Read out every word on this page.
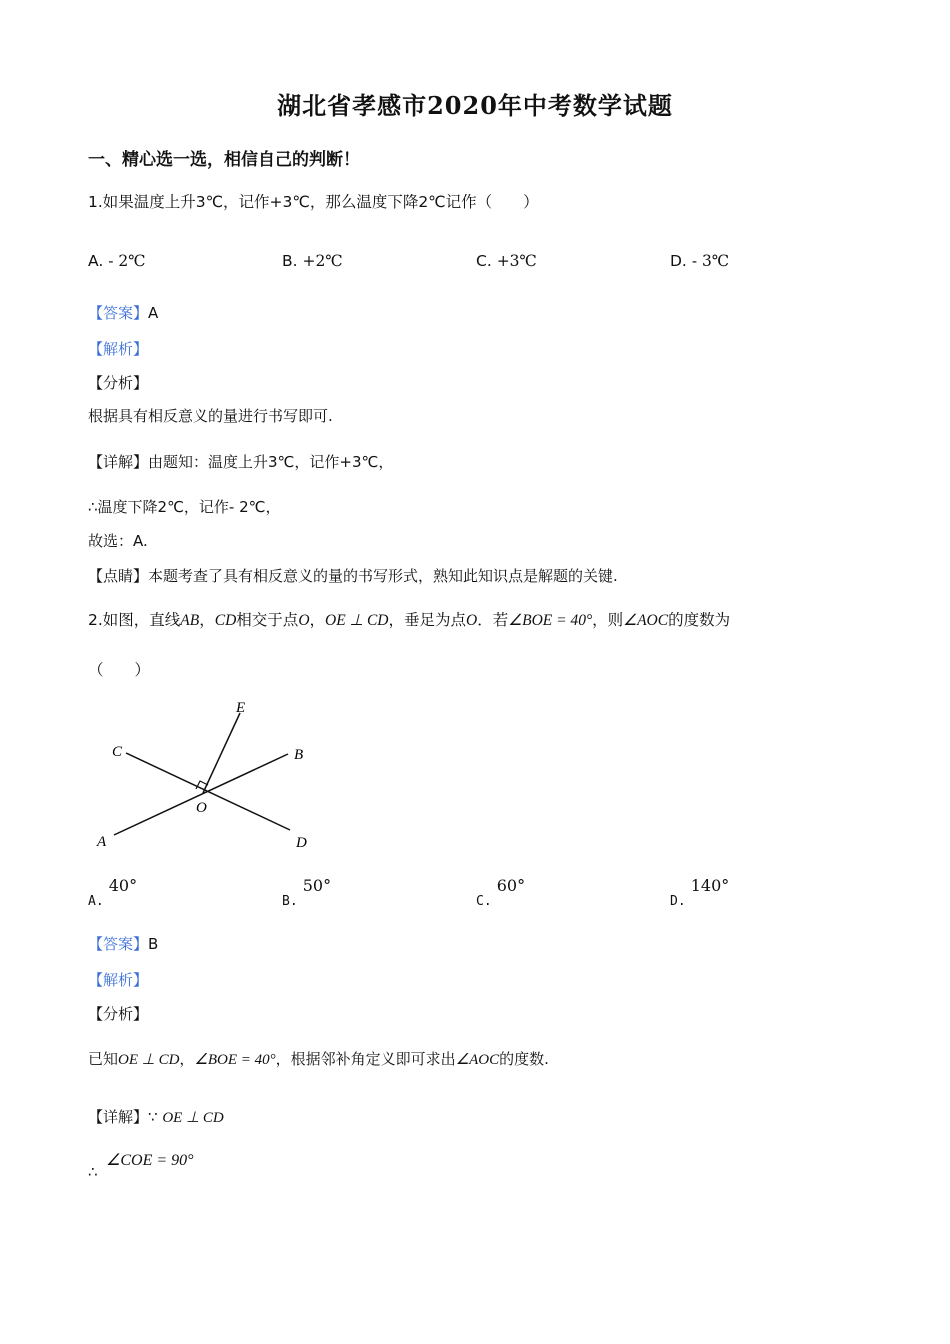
湖北省孝感市2020年中考数学试题
一、精心选一选，相信自己的判断！
1.如果温度上升3℃，记作+3℃，那么温度下降2℃记作（　　）
A. - 2℃	B. +2℃	C. +3℃	D. - 3℃
【答案】A
【解析】
【分析】
根据具有相反意义的量进行书写即可.
【详解】由题知：温度上升3℃，记作+3℃，
∴温度下降2℃，记作- 2℃，
故选：A.
【点睛】本题考查了具有相反意义的量的书写形式，熟知此知识点是解题的关键.
2.如图，直线AB，CD相交于点O，OE ⊥ CD，垂足为点O．若∠BOE = 40°，则∠AOC的度数为
（　　）
E
C	B
O
A	D
$_{A.}$ 40°
$_{B.}$ 50°
$_{C.}$ 60°
$_{D.}$ 140°
【答案】B
【解析】
【分析】
已知OE ⊥ CD，∠BOE = 40°，根据邻补角定义即可求出∠AOC的度数.
【详解】∵ OE ⊥ CD
∴
∠COE = 90°
